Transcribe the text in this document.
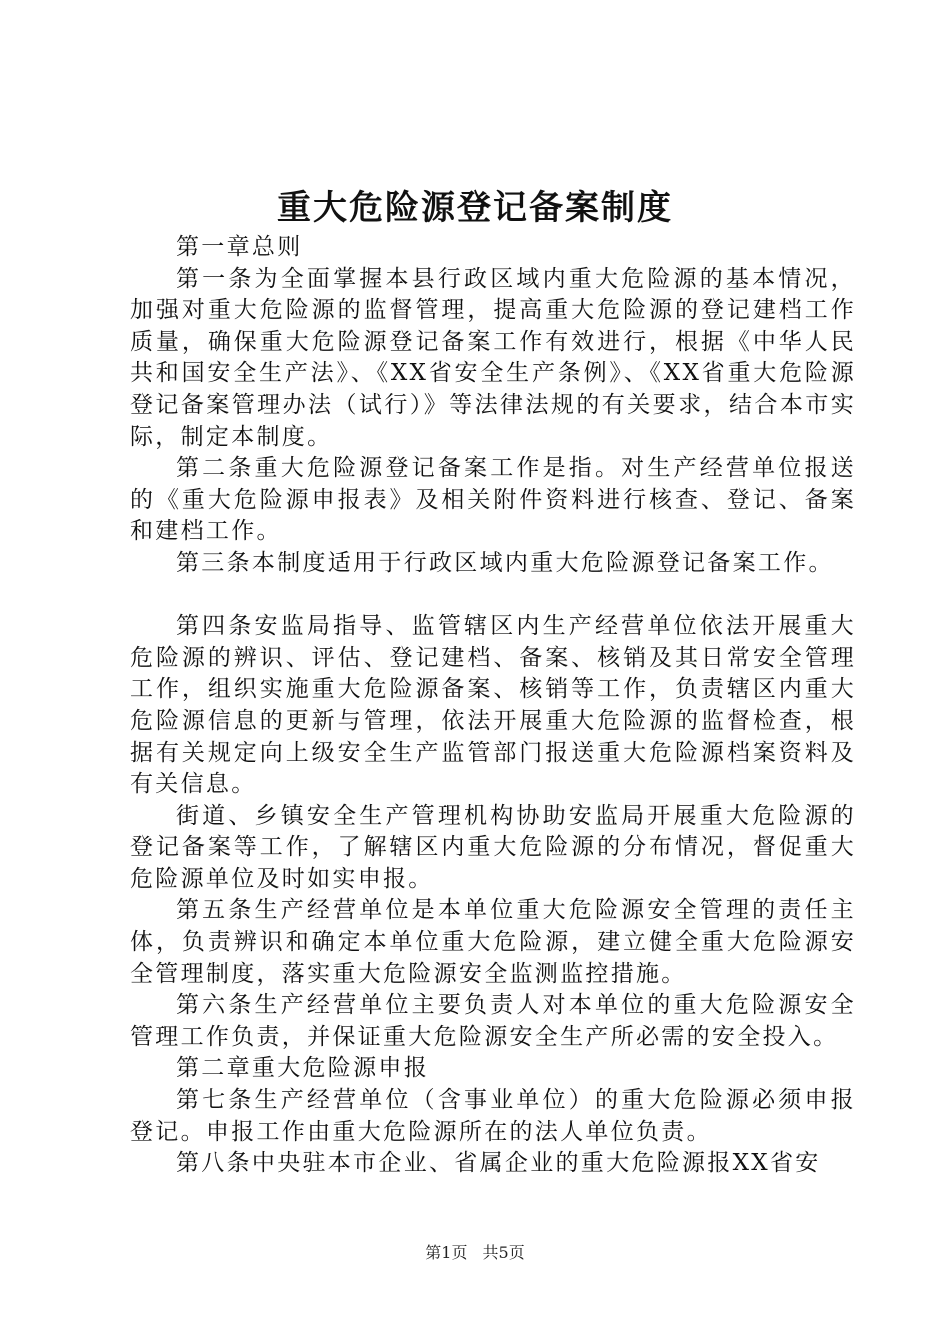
重大危险源登记备案制度

第一章总则

第一条为全面掌握本县行政区域内重大危险源的基本情况，加强对重大危险源的监督管理，提高重大危险源的登记建档工作质量，确保重大危险源登记备案工作有效进行，根据《中华人民共和国安全生产法》、《XX省安全生产条例》、《XX省重大危险源登记备案管理办法（试行）》等法律法规的有关要求，结合本市实际，制定本制度。

第二条重大危险源登记备案工作是指。对生产经营单位报送的《重大危险源申报表》及相关附件资料进行核查、登记、备案和建档工作。

第三条本制度适用于行政区域内重大危险源登记备案工作。

第四条安监局指导、监管辖区内生产经营单位依法开展重大危险源的辨识、评估、登记建档、备案、核销及其日常安全管理工作，组织实施重大危险源备案、核销等工作，负责辖区内重大危险源信息的更新与管理，依法开展重大危险源的监督检查，根据有关规定向上级安全生产监管部门报送重大危险源档案资料及有关信息。

街道、乡镇安全生产管理机构协助安监局开展重大危险源的登记备案等工作，了解辖区内重大危险源的分布情况，督促重大危险源单位及时如实申报。

第五条生产经营单位是本单位重大危险源安全管理的责任主体，负责辨识和确定本单位重大危险源，建立健全重大危险源安全管理制度，落实重大危险源安全监测监控措施。

第六条生产经营单位主要负责人对本单位的重大危险源安全管理工作负责，并保证重大危险源安全生产所必需的安全投入。

第二章重大危险源申报

第七条生产经营单位（含事业单位）的重大危险源必须申报登记。申报工作由重大危险源所在的法人单位负责。

第八条中央驻本市企业、省属企业的重大危险源报XX省安

第1页 共5页
